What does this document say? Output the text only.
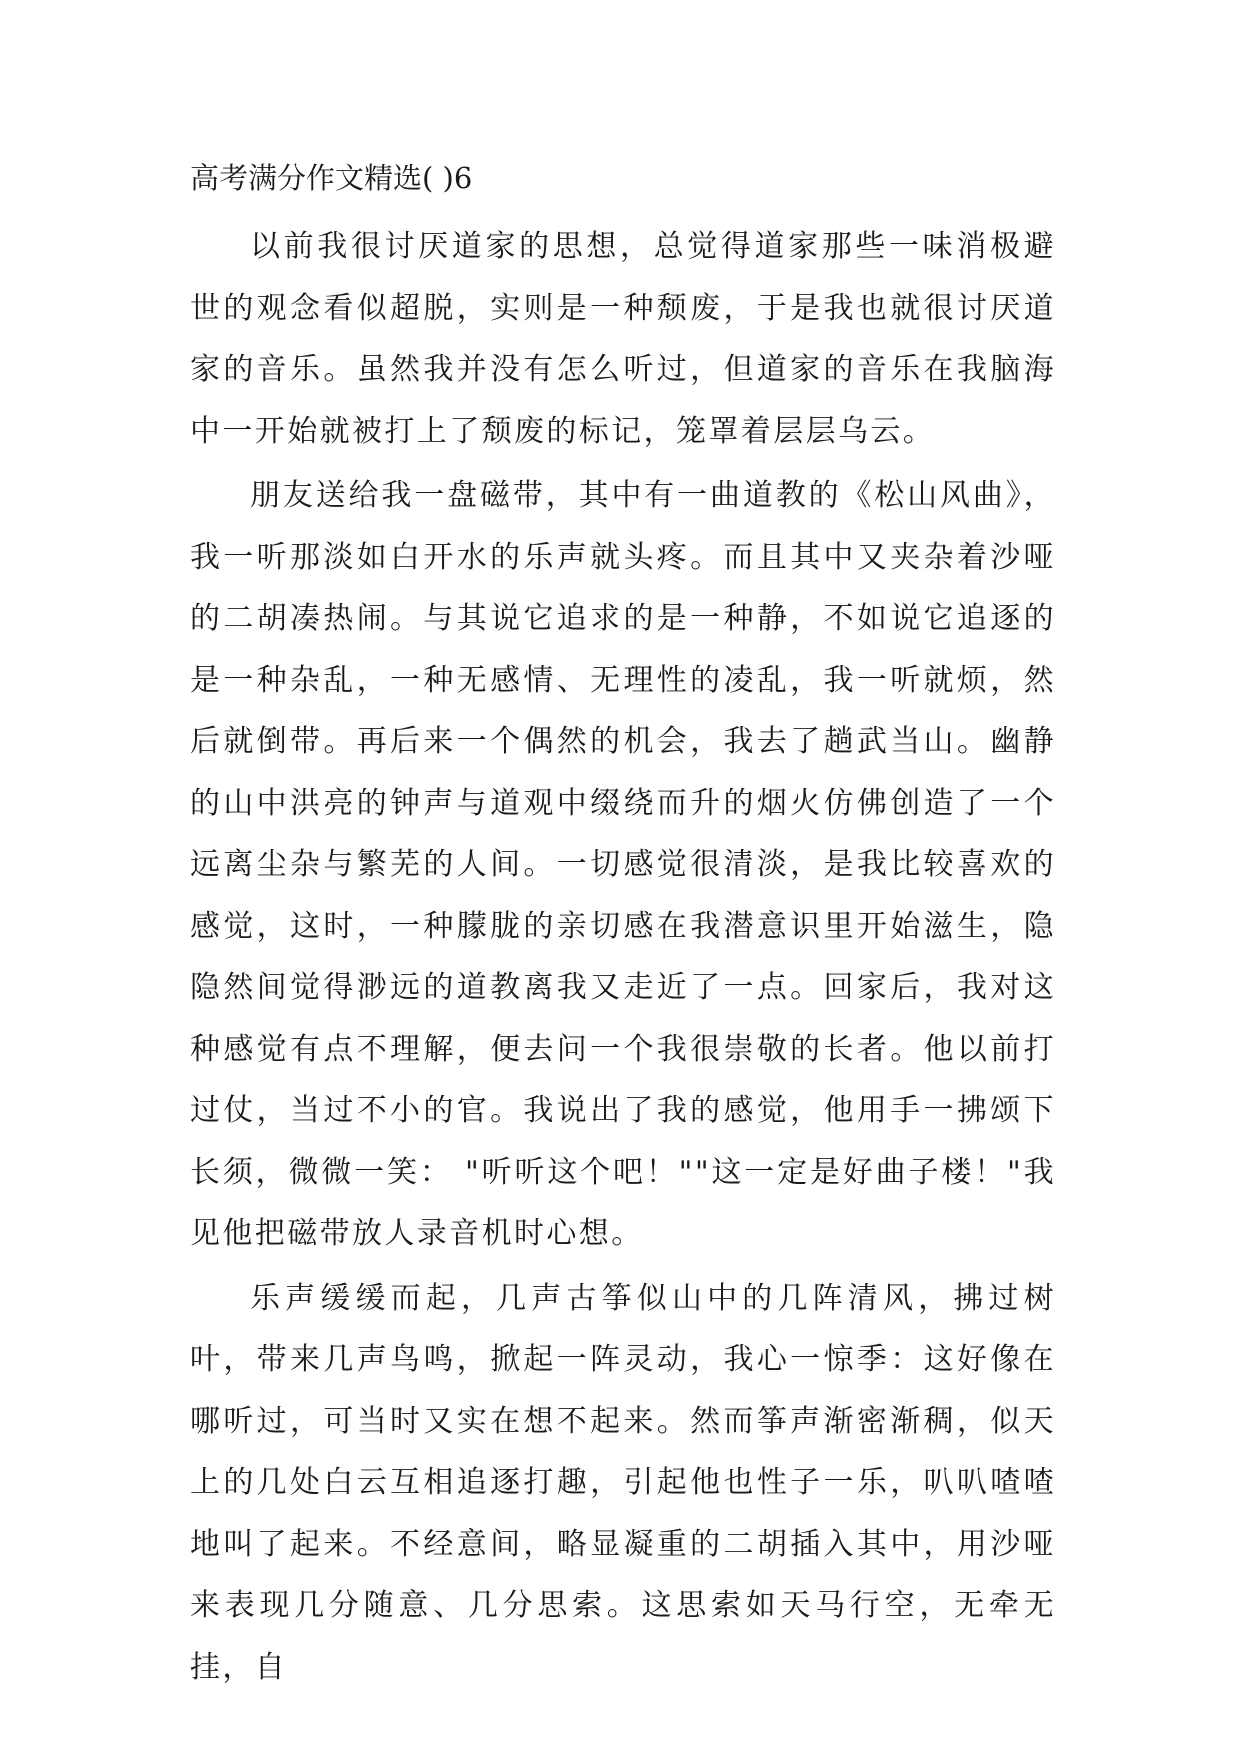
高考满分作文精选( )6

以前我很讨厌道家的思想，总觉得道家那些一味消极避世的观念看似超脱，实则是一种颓废，于是我也就很讨厌道家的音乐。虽然我并没有怎么听过，但道家的音乐在我脑海中一开始就被打上了颓废的标记，笼罩着层层乌云。

朋友送给我一盘磁带，其中有一曲道教的《松山风曲》，我一听那淡如白开水的乐声就头疼。而且其中又夹杂着沙哑的二胡凑热闹。与其说它追求的是一种静，不如说它追逐的是一种杂乱，一种无感情、无理性的凌乱，我一听就烦，然后就倒带。再后来一个偶然的机会，我去了趟武当山。幽静的山中洪亮的钟声与道观中缀绕而升的烟火仿佛创造了一个远离尘杂与繁芜的人间。一切感觉很清淡，是我比较喜欢的感觉，这时，一种朦胧的亲切感在我潜意识里开始滋生，隐隐然间觉得渺远的道教离我又走近了一点。回家后，我对这种感觉有点不理解，便去问一个我很崇敬的长者。他以前打过仗，当过不小的官。我说出了我的感觉，他用手一拂颂下长须，微微一笑： "听听这个吧！""这一定是好曲子楼！"我见他把磁带放人录音机时心想。

乐声缓缓而起，几声古筝似山中的几阵清风，拂过树叶，带来几声鸟鸣，掀起一阵灵动，我心一惊季：这好像在哪听过，可当时又实在想不起来。然而筝声渐密渐稠，似天上的几处白云互相追逐打趣，引起他也性子一乐，叭叭喳喳地叫了起来。不经意间，略显凝重的二胡插入其中，用沙哑来表现几分随意、几分思索。这思索如天马行空，无牵无挂，自
